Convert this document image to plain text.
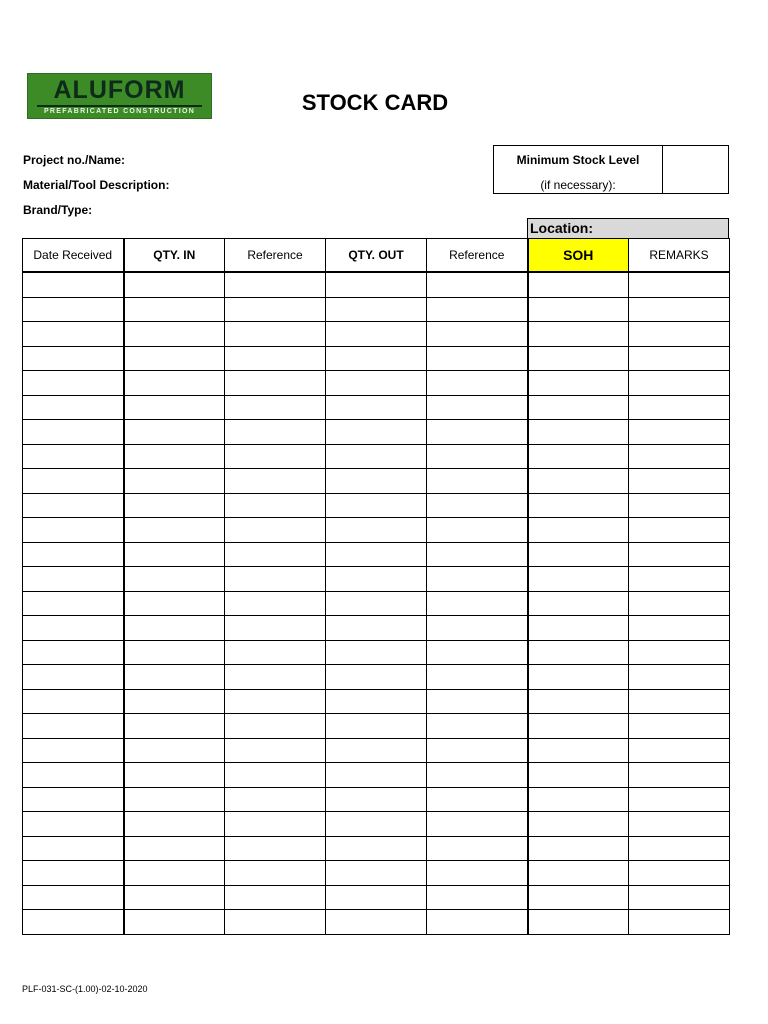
ALUFORM
PREFABRICATED CONSTRUCTION	STOCK CARD
Project no./Name:
Material/Tool Description:
Brand/Type:
Minimum Stock Level
(if necessary):
Location:
Date Received	QTY. IN	Reference	QTY. OUT	Reference	SOH	REMARKS

PLF-031-SC-(1.00)-02-10-2020
